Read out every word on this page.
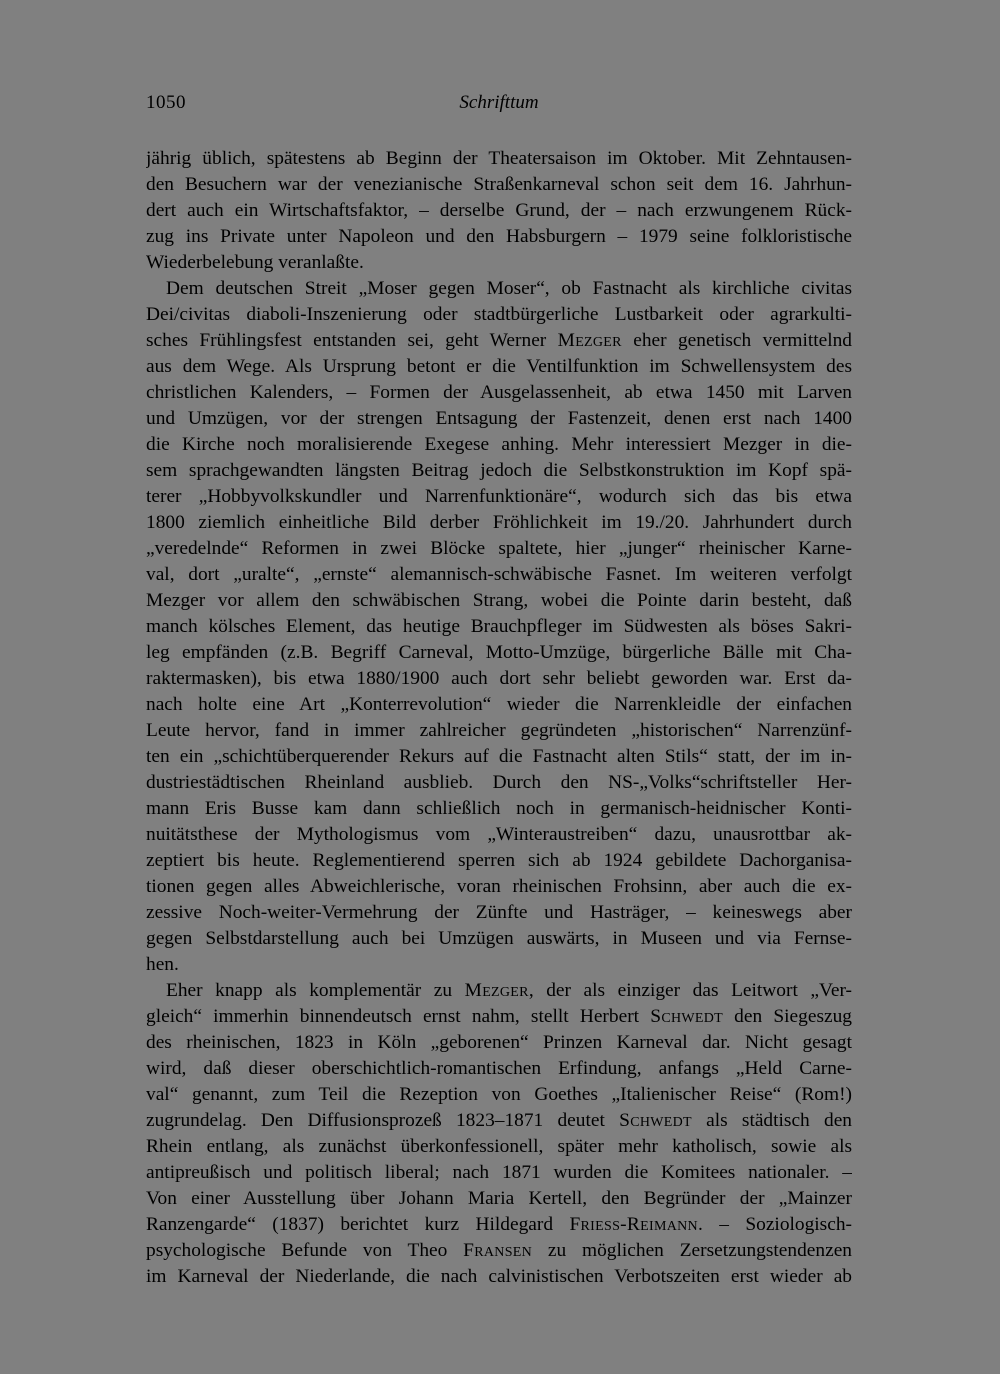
1050	Schrifttum
jährig üblich, spätestens ab Beginn der Theatersaison im Oktober. Mit Zehntausen-
den Besuchern war der venezianische Straßenkarneval schon seit dem 16. Jahrhun-
dert auch ein Wirtschaftsfaktor, – derselbe Grund, der – nach erzwungenem Rück-
zug ins Private unter Napoleon und den Habsburgern – 1979 seine folkloristische
Wiederbelebung veranlaßte.
Dem deutschen Streit „Moser gegen Moser“, ob Fastnacht als kirchliche civitas
Dei/civitas diaboli-Inszenierung oder stadtbürgerliche Lustbarkeit oder agrarkulti-
sches Frühlingsfest entstanden sei, geht Werner Mezger eher genetisch vermittelnd
aus dem Wege. Als Ursprung betont er die Ventilfunktion im Schwellensystem des
christlichen Kalenders, – Formen der Ausgelassenheit, ab etwa 1450 mit Larven
und Umzügen, vor der strengen Entsagung der Fastenzeit, denen erst nach 1400
die Kirche noch moralisierende Exegese anhing. Mehr interessiert Mezger in die-
sem sprachgewandten längsten Beitrag jedoch die Selbstkonstruktion im Kopf spä-
terer „Hobbyvolkskundler und Narrenfunktionäre“, wodurch sich das bis etwa
1800 ziemlich einheitliche Bild derber Fröhlichkeit im 19./20. Jahrhundert durch
„veredelnde“ Reformen in zwei Blöcke spaltete, hier „junger“ rheinischer Karne-
val, dort „uralte“, „ernste“ alemannisch-schwäbische Fasnet. Im weiteren verfolgt
Mezger vor allem den schwäbischen Strang, wobei die Pointe darin besteht, daß
manch kölsches Element, das heutige Brauchpfleger im Südwesten als böses Sakri-
leg empfänden (z.B. Begriff Carneval, Motto-Umzüge, bürgerliche Bälle mit Cha-
raktermasken), bis etwa 1880/1900 auch dort sehr beliebt geworden war. Erst da-
nach holte eine Art „Konterrevolution“ wieder die Narrenkleidle der einfachen
Leute hervor, fand in immer zahlreicher gegründeten „historischen“ Narrenzünf-
ten ein „schichtüberquerender Rekurs auf die Fastnacht alten Stils“ statt, der im in-
dustriestädtischen Rheinland ausblieb. Durch den NS-„Volks“schriftsteller Her-
mann Eris Busse kam dann schließlich noch in germanisch-heidnischer Konti-
nuitätsthese der Mythologismus vom „Winteraustreiben“ dazu, unausrottbar ak-
zeptiert bis heute. Reglementierend sperren sich ab 1924 gebildete Dachorganisa-
tionen gegen alles Abweichlerische, voran rheinischen Frohsinn, aber auch die ex-
zessive Noch-weiter-Vermehrung der Zünfte und Hasträger, – keineswegs aber
gegen Selbstdarstellung auch bei Umzügen auswärts, in Museen und via Fernse-
hen.
Eher knapp als komplementär zu Mezger, der als einziger das Leitwort „Ver-
gleich“ immerhin binnendeutsch ernst nahm, stellt Herbert Schwedt den Siegeszug
des rheinischen, 1823 in Köln „geborenen“ Prinzen Karneval dar. Nicht gesagt
wird, daß dieser oberschichtlich-romantischen Erfindung, anfangs „Held Carne-
val“ genannt, zum Teil die Rezeption von Goethes „Italienischer Reise“ (Rom!)
zugrundelag. Den Diffusionsprozeß 1823–1871 deutet Schwedt als städtisch den
Rhein entlang, als zunächst überkonfessionell, später mehr katholisch, sowie als
antipreußisch und politisch liberal; nach 1871 wurden die Komitees nationaler. –
Von einer Ausstellung über Johann Maria Kertell, den Begründer der „Mainzer
Ranzengarde“ (1837) berichtet kurz Hildegard Friess-Reimann. – Soziologisch-
psychologische Befunde von Theo Fransen zu möglichen Zersetzungstendenzen
im Karneval der Niederlande, die nach calvinistischen Verbotszeiten erst wieder ab
